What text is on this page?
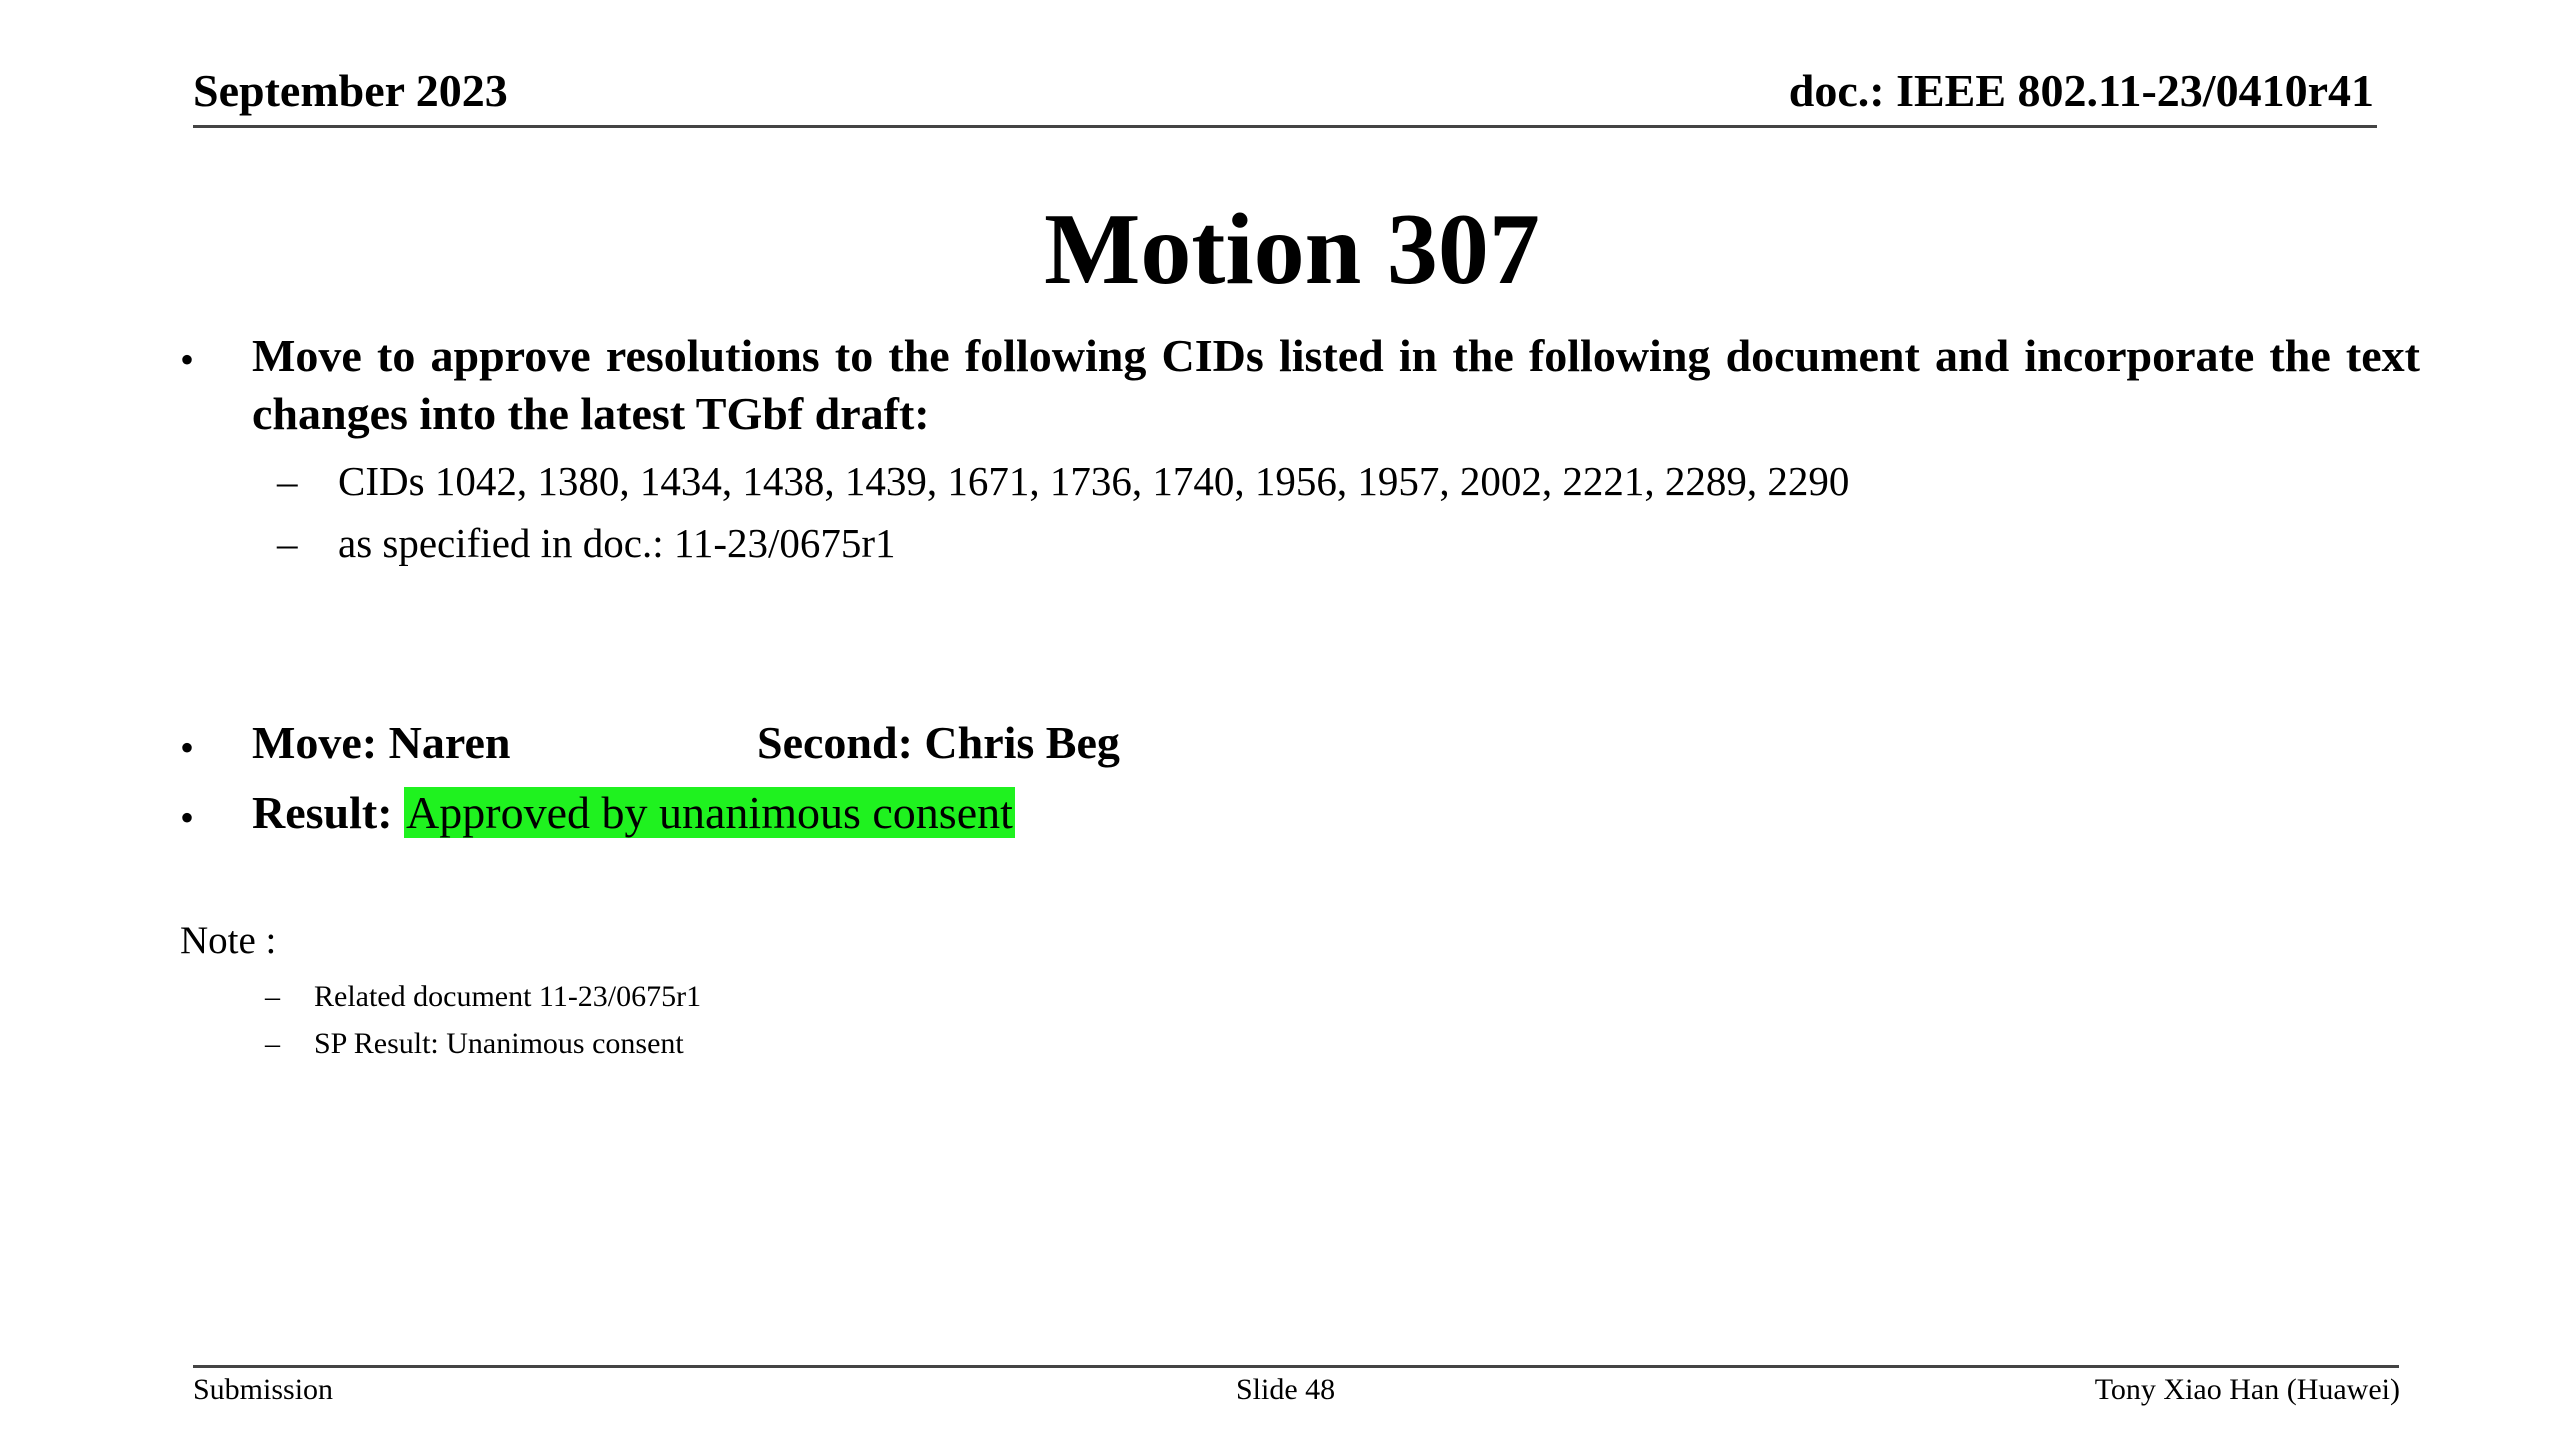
September 2023	doc.: IEEE 802.11-23/0410r41
Motion 307
• Move to approve resolutions to the following CIDs listed in the following document and incorporate the text changes into the latest TGbf draft:
– CIDs 1042, 1380, 1434, 1438, 1439, 1671, 1736, 1740, 1956, 1957, 2002, 2221, 2289, 2290
– as specified in doc.: 11-23/0675r1
• Move: Naren	Second: Chris Beg
• Result: Approved by unanimous consent
Note :
– Related document 11-23/0675r1
– SP Result: Unanimous consent
Submission	Slide 48	Tony Xiao Han (Huawei)
